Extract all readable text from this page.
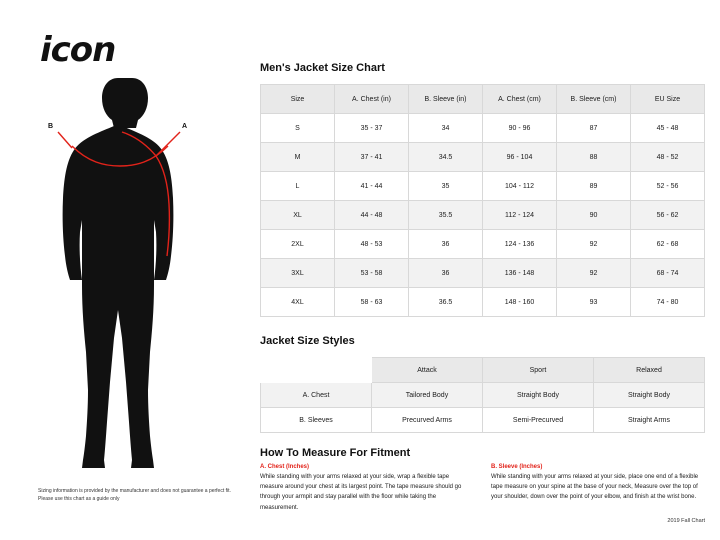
icon
A
B
Sizing information is provided by the manufacturer and does not guarantee a perfect fit. Please use this chart as a guide only
Men's Jacket Size Chart
Size	A. Chest (in)	B. Sleeve (in)	A. Chest (cm)	B. Sleeve (cm)	EU Size
S	35 - 37	34	90 - 96	87	45 - 48
M	37 - 41	34.5	96 - 104	88	48 - 52
L	41 - 44	35	104 - 112	89	52 - 56
XL	44 - 48	35.5	112 - 124	90	56 - 62
2XL	48 - 53	36	124 - 136	92	62 - 68
3XL	53 - 58	36	136 - 148	92	68 - 74
4XL	58 - 63	36.5	148 - 160	93	74 - 80
Jacket Size Styles
	Attack	Sport	Relaxed
A. Chest	Tailored Body	Straight Body	Straight Body
B. Sleeves	Precurved Arms	Semi-Precurved	Straight Arms
How To Measure For Fitment
A. Chest (Inches)
While standing with your arms relaxed at your side, wrap a flexible tape measure around your chest at its largest point. The tape measure should go through your armpit and stay parallel with the floor while taking the measurement.
B. Sleeve (Inches)
While standing with your arms relaxed at your side, place one end of a flexible tape measure on your spine at the base of your neck, Measure over the top of your shoulder, down over the point of your elbow, and finish at the wrist bone.
2019 Fall Chart
